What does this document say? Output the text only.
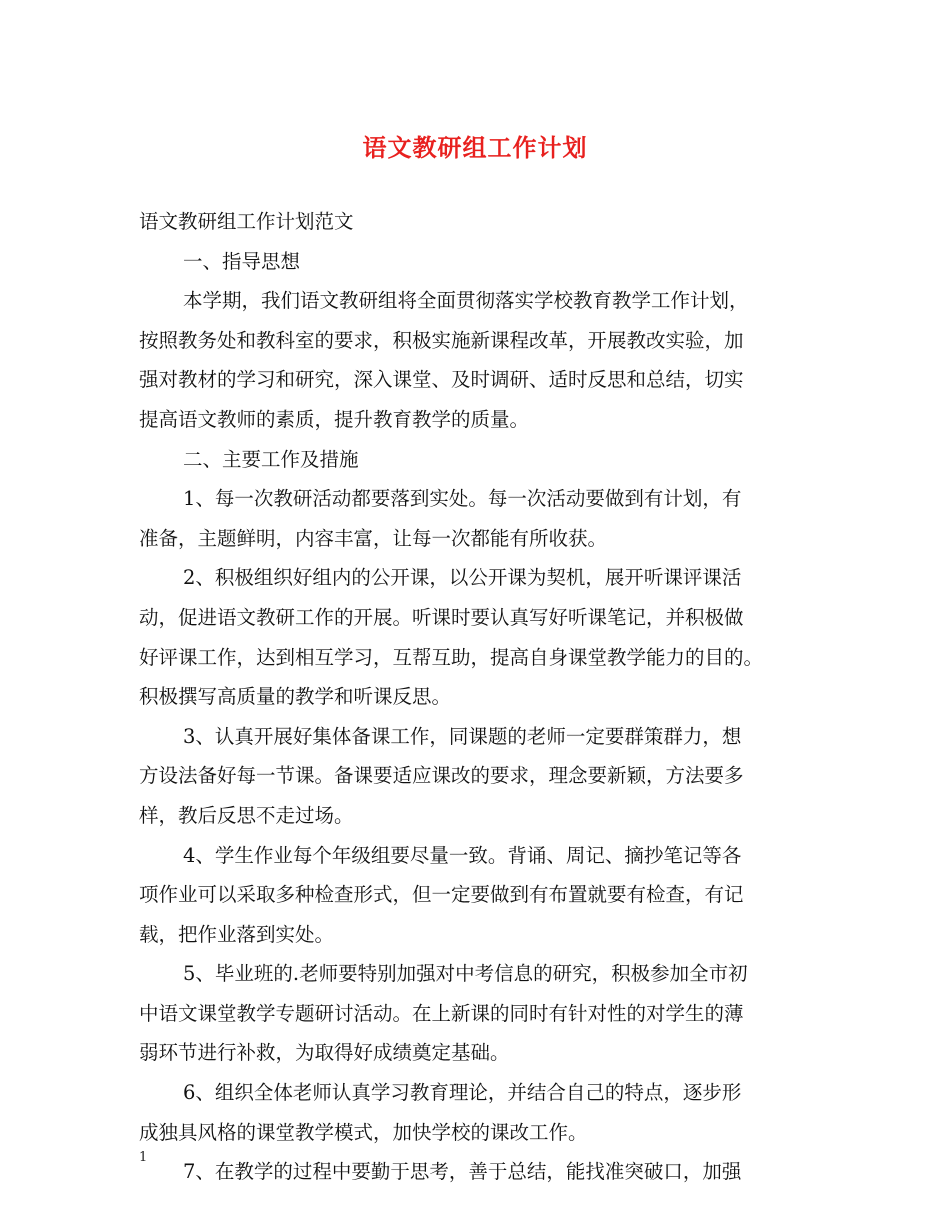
语文教研组工作计划
语文教研组工作计划范文
一、指导思想
本学期，我们语文教研组将全面贯彻落实学校教育教学工作计划，
按照教务处和教科室的要求，积极实施新课程改革，开展教改实验，加
强对教材的学习和研究，深入课堂、及时调研、适时反思和总结，切实
提高语文教师的素质，提升教育教学的质量。
二、主要工作及措施
1、每一次教研活动都要落到实处。每一次活动要做到有计划，有
准备，主题鲜明，内容丰富，让每一次都能有所收获。
2、积极组织好组内的公开课，以公开课为契机，展开听课评课活
动，促进语文教研工作的开展。听课时要认真写好听课笔记，并积极做
好评课工作，达到相互学习，互帮互助，提高自身课堂教学能力的目的。
积极撰写高质量的教学和听课反思。
3、认真开展好集体备课工作，同课题的老师一定要群策群力，想
方设法备好每一节课。备课要适应课改的要求，理念要新颖，方法要多
样，教后反思不走过场。
4、学生作业每个年级组要尽量一致。背诵、周记、摘抄笔记等各
项作业可以采取多种检查形式，但一定要做到有布置就要有检查，有记
载，把作业落到实处。
5、毕业班的.老师要特别加强对中考信息的研究，积极参加全市初
中语文课堂教学专题研讨活动。在上新课的同时有针对性的对学生的薄
弱环节进行补救，为取得好成绩奠定基础。
6、组织全体老师认真学习教育理论，并结合自己的特点，逐步形
成独具风格的课堂教学模式，加快学校的课改工作。
7、在教学的过程中要勤于思考，善于总结，能找准突破口，加强
1
